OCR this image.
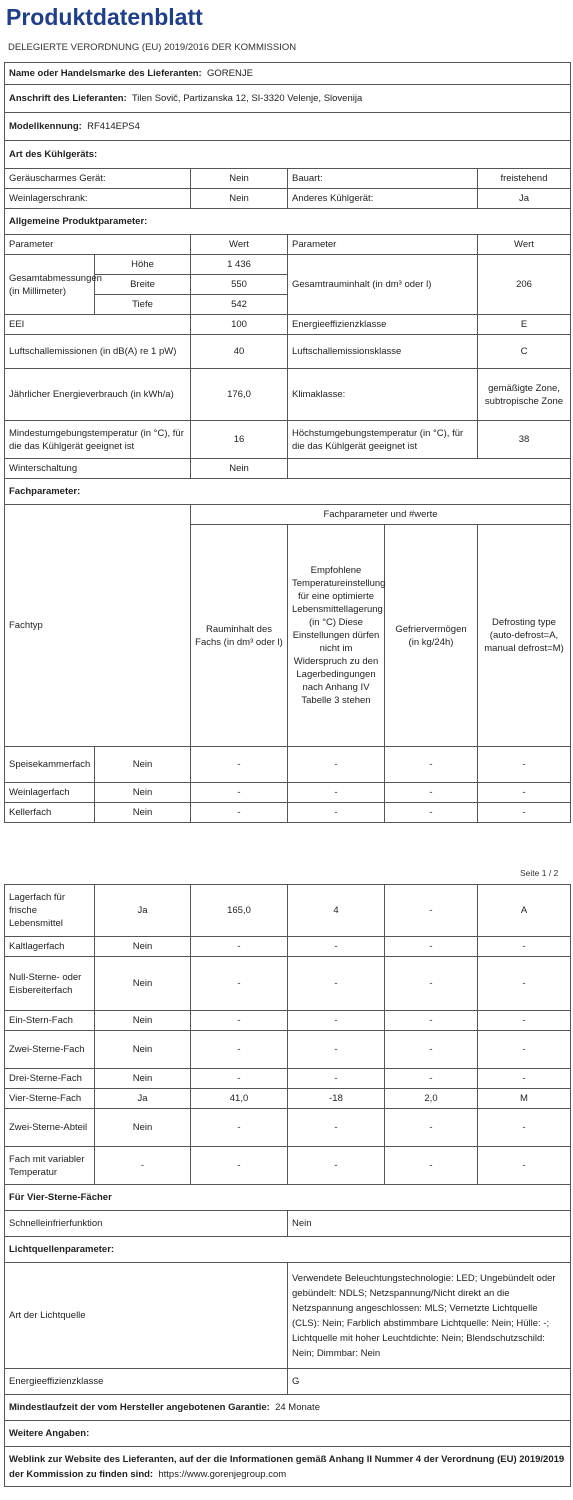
Produktdatenblatt
DELEGIERTE VERORDNUNG (EU) 2019/2016 DER KOMMISSION
Name oder Handelsmarke des Lieferanten: GORENJE					
Anschrift des Lieferanten: Tilen Sovič, Partizanska 12, SI-3320 Velenje, Slovenija					
Modellkennung: RF414EPS4					
Art des Kühlgeräts:					
Geräuscharmes Gerät:		Nein	Bauart:		freistehend
Weinlagerschrank:		Nein	Anderes Kühlgerät:		Ja
Allgemeine Produktparameter:					
Parameter		Wert	Parameter		Wert
Gesamtabmessungen (in Millimeter)	Höhe	1 436	Gesamtrauminhalt (in dm³ oder l)		206
	Breite	550			
	Tiefe	542			
EEI		100	Energieeffizienzklasse		E
Luftschallemissionen (in dB(A) re 1 pW)		40	Luftschallemissionsklasse		C
Jährlicher Energieverbrauch (in kWh/a)		176,0	Klimaklasse:		gemäßigte Zone, subtropische Zone
Mindestumgebungstemperatur (in °C), für die das Kühlgerät geeignet ist		16	Höchstumgebungstemperatur (in °C), für die das Kühlgerät geeignet ist		38
Winterschaltung		Nein			
Fachparameter:					
Fachtyp		Fachparameter und #werte			
		Rauminhalt des Fachs (in dm³ oder l)	Empfohlene Temperatureinstellung für eine optimierte Lebensmittellagerung (in °C) Diese Einstellungen dürfen nicht im Widerspruch zu den Lagerbedingungen nach Anhang IV Tabelle 3 stehen	Gefriervermögen (in kg/24h)	Defrosting type (auto-defrost=A, manual defrost=M)
Speisekammerfach	Nein	-	-	-	-
Weinlagerfach	Nein	-	-	-	-
Kellerfach	Nein	-	-	-	-
Seite 1 / 2
Lagerfach für frische Lebensmittel	Ja	165,0	4	-	A
Kaltlagerfach	Nein	-	-	-	-
Null-Sterne- oder Eisbereiterfach	Nein	-	-	-	-
Ein-Stern-Fach	Nein	-	-	-	-
Zwei-Sterne-Fach	Nein	-	-	-	-
Drei-Sterne-Fach	Nein	-	-	-	-
Vier-Sterne-Fach	Ja	41,0	-18	2,0	M
Zwei-Sterne-Abteil	Nein	-	-	-	-
Fach mit variabler Temperatur	-	-	-	-	-
Für Vier-Sterne-Fächer					
Schnelleinfrierfunktion			Nein		
Lichtquellenparameter:					
Art der Lichtquelle			Verwendete Beleuchtungstechnologie: LED; Ungebündelt oder gebündelt: NDLS; Netzspannung/Nicht direkt an die Netzspannung angeschlossen: MLS; Vernetzte Lichtquelle (CLS): Nein; Farblich abstimmbare Lichtquelle: Nein; Hülle: -; Lichtquelle mit hoher Leuchtdichte: Nein; Blendschutzschild: Nein; Dimmbar: Nein		
Energieeffizienzklasse			G		
Mindestlaufzeit der vom Hersteller angebotenen Garantie: 24 Monate					
Weitere Angaben:					
Weblink zur Website des Lieferanten, auf der die Informationen gemäß Anhang II Nummer 4 der Verordnung (EU) 2019/2019 der Kommission zu finden sind: https://www.gorenjegroup.com					
